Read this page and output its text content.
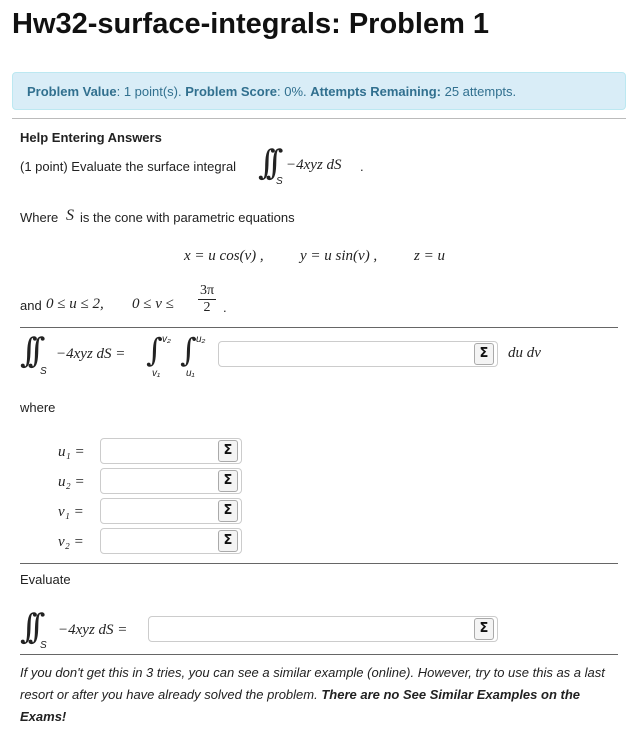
Hw32-surface-integrals: Problem 1
Problem Value: 1 point(s). Problem Score: 0%. Attempts Remaining: 25 attempts.
Help Entering Answers
(1 point) Evaluate the surface integral ∫∫ S
−4xyz dS .
Where S is the cone with parametric equations
x = u cos(v) , y = u sin(v) , z = u
and 0 ≤ u ≤ 2, $0 \le v \le \frac{3\pi}{2}$ .
∫∫
S
−4xyz dS = ∫ v₂
v₁
∫ u₂
u₁
Σ	du dv
where
u₁ =	Σ
u₂ =	Σ
v₁ =	Σ
v₂ =	Σ
Evaluate
∫∫ S
−4xyz dS =	Σ
If you don't get this in 3 tries, you can see a similar example (online). However, try to use this as a last resort or after you have already solved the problem. There are no See Similar Examples on the Exams!
